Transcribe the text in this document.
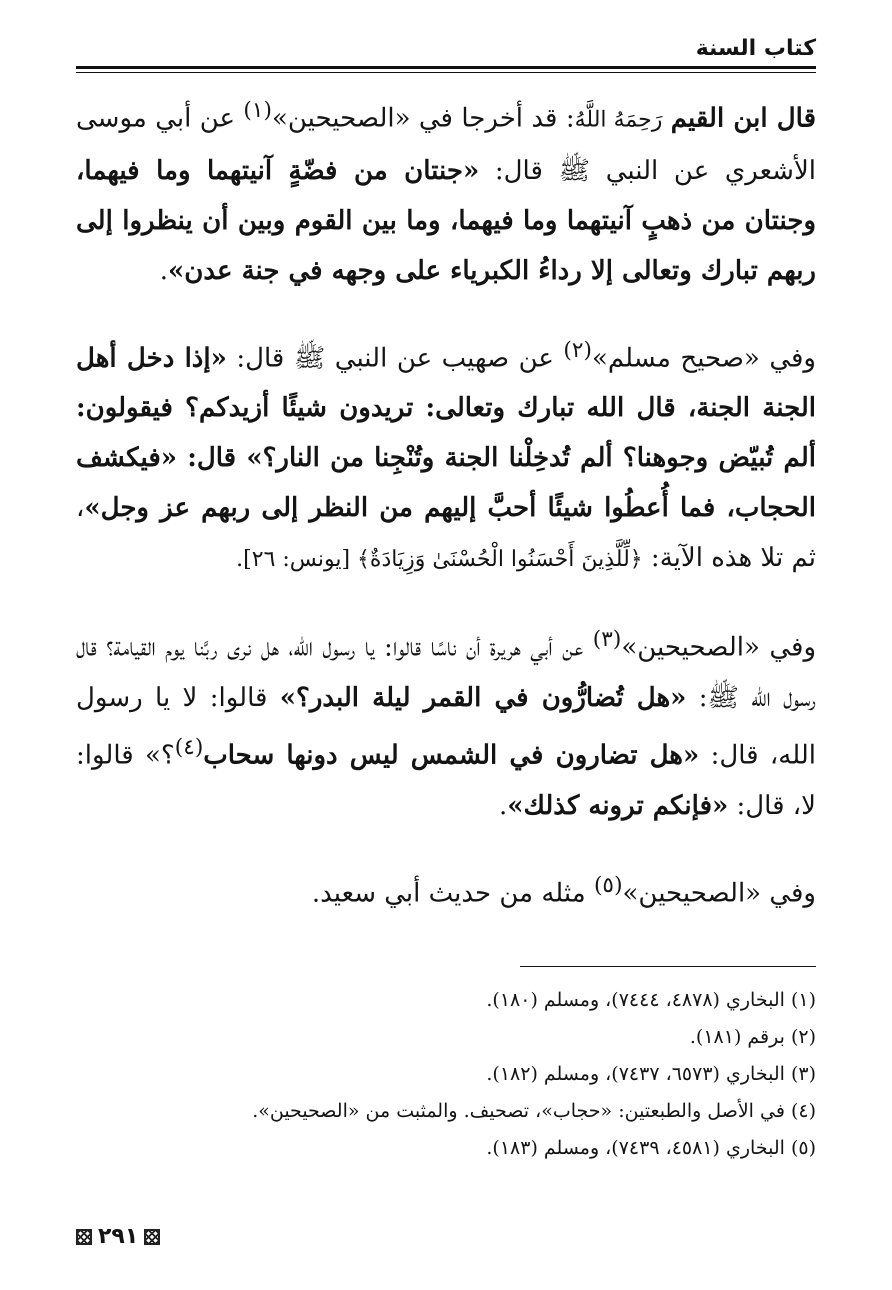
كتاب السنة

قال ابن القيم رَحِمَهُ اللَّهُ: قد أخرجا في «الصحيحين»$^{(١)}$ عن أبي موسى الأشعري عن النبي ﷺ قال: «جنتان من فضّةٍ آنيتهما وما فيهما، وجنتان من ذهبٍ آنيتهما وما فيهما، وما بين القوم وبين أن ينظروا إلى ربهم تبارك وتعالى إلا رداءُ الكبرياء على وجهه في جنة عدن».

وفي «صحيح مسلم»$^{(٢)}$ عن صهيب عن النبي ﷺ قال: «إذا دخل أهل الجنة الجنة، قال الله تبارك وتعالى: تريدون شيئًا أزيدكم؟ فيقولون: ألم تُبيّض وجوهنا؟ ألم تُدخِلْنا الجنة وتُنْجِنا من النار؟» قال: «فيكشف الحجاب، فما أُعطُوا شيئًا أحبَّ إليهم من النظر إلى ربهم عز وجل»، ثم تلا هذه الآية: ﴿لِّلَّذِينَ أَحْسَنُوا الْحُسْنَىٰ وَزِيَادَةٌ﴾ [يونس: ٢٦].

وفي «الصحيحين»$^{(٣)}$ عن أبي هريرة أن ناسًا قالوا: يا رسول الله، هل نرى ربَّنا يوم القيامة؟ قال رسول الله ﷺ: «هل تُضارُّون في القمر ليلة البدر؟» قالوا: لا يا رسول الله، قال: «هل تضارون في الشمس ليس دونها سحاب$^{(٤)}$؟» قالوا: لا، قال: «فإنكم ترونه كذلك».

وفي «الصحيحين»$^{(٥)}$ مثله من حديث أبي سعيد.

(١) البخاري (٤٨٧٨، ٧٤٤٤)، ومسلم (١٨٠).
(٢) برقم (١٨١).
(٣) البخاري (٦٥٧٣، ٧٤٣٧)، ومسلم (١٨٢).
(٤) في الأصل والطبعتين: «حجاب»، تصحيف. والمثبت من «الصحيحين».
(٥) البخاري (٤٥٨١، ٧٤٣٩)، ومسلم (١٨٣).
٢٩١
